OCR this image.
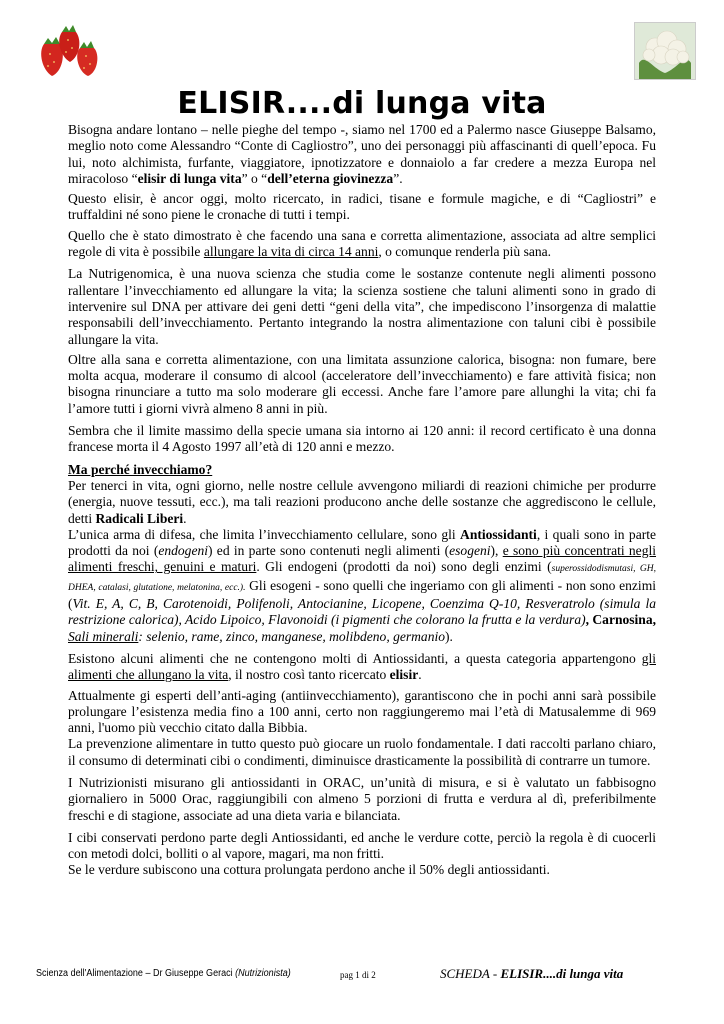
ELISIR....di lunga vita

Bisogna andare lontano – nelle pieghe del tempo -, siamo nel 1700 ed a Palermo nasce Giuseppe Balsamo, meglio noto come Alessandro “Conte di Cagliostro”, uno dei personaggi più affascinanti di quell’epoca. Fu lui, noto alchimista, furfante, viaggiatore, ipnotizzatore e donnaiolo a far credere a mezza Europa nel miracoloso “elisir di lunga vita” o “dell’eterna giovinezza”.

Questo elisir, è ancor oggi, molto ricercato, in radici, tisane e formule magiche, e di “Cagliostri” e truffaldini né sono piene le cronache di tutti i tempi.

Quello che è stato dimostrato è che facendo una sana e corretta alimentazione, associata ad altre semplici regole di vita è possibile allungare la vita di circa 14 anni, o comunque renderla più sana.

La Nutrigenomica, è una nuova scienza che studia come le sostanze contenute negli alimenti possono rallentare l’invecchiamento ed allungare la vita; la scienza sostiene che taluni alimenti sono in grado di intervenire sul DNA per attivare dei geni detti “geni della vita”, che impediscono l’insorgenza di malattie responsabili dell’invecchiamento. Pertanto integrando la nostra alimentazione con taluni cibi è possibile allungare la vita.

Oltre alla sana e corretta alimentazione, con una limitata assunzione calorica, bisogna: non fumare, bere molta acqua, moderare il consumo di alcool (acceleratore dell’invecchiamento) e fare attività fisica; non bisogna rinunciare a tutto ma solo moderare gli eccessi. Anche fare l’amore pare allunghi la vita; chi fa l’amore tutti i giorni vivrà almeno 8 anni in più.

Sembra che il limite massimo della specie umana sia intorno ai 120 anni: il record certificato è una donna francese morta il 4 Agosto 1997 all’età di 120 anni e mezzo.

Ma perché invecchiamo?

Per tenerci in vita, ogni giorno, nelle nostre cellule avvengono miliardi di reazioni chimiche per produrre (energia, nuove tessuti, ecc.), ma tali reazioni producono anche delle sostanze che aggrediscono le cellule, detti Radicali Liberi.

L’unica arma di difesa, che limita l’invecchiamento cellulare, sono gli Antiossidanti, i quali sono in parte prodotti da noi (endogeni) ed in parte sono contenuti negli alimenti (esogeni), e sono più concentrati negli alimenti freschi, genuini e maturi. Gli endogeni (prodotti da noi) sono degli enzimi (superossidodismutasi, GH, DHEA, catalasi, glutatione, melatonina, ecc.). Gli esogeni - sono quelli che ingeriamo con gli alimenti - non sono enzimi (Vit. E, A, C, B, Carotenoidi, Polifenoli, Antocianine, Licopene, Coenzima Q-10, Resveratrolo (simula la restrizione calorica), Acido Lipoico, Flavonoidi (i pigmenti che colorano la frutta e la verdura), Carnosina, Sali minerali: selenio, rame, zinco, manganese, molibdeno, germanio).

Esistono alcuni alimenti che ne contengono molti di Antiossidanti, a questa categoria appartengono gli alimenti che allungano la vita, il nostro così tanto ricercato elisir.

Attualmente gi esperti dell’anti-aging (antiinvecchiamento), garantiscono che in pochi anni sarà possibile prolungare l’esistenza media fino a 100 anni, certo non raggiungeremo mai l’età di Matusalemme di 969 anni, l'uomo più vecchio citato dalla Bibbia.

La prevenzione alimentare in tutto questo può giocare un ruolo fondamentale. I dati raccolti parlano chiaro, il consumo di determinati cibi o condimenti, diminuisce drasticamente la possibilità di contrarre un tumore.

I Nutrizionisti misurano gli antiossidanti in ORAC, un’unità di misura, e si è valutato un fabbisogno giornaliero in 5000 Orac, raggiungibili con almeno 5 porzioni di frutta e verdura al dì, preferibilmente freschi e di stagione, associate ad una dieta varia e bilanciata.

I cibi conservati perdono parte degli Antiossidanti, ed anche le verdure cotte, perciò la regola è di cuocerli con metodi dolci, bolliti o al vapore, magari, ma non fritti.

Se le verdure subiscono una cottura prolungata perdono anche il 50% degli antiossidanti.

Scienza dell'Alimentazione – Dr Giuseppe Geraci (Nutrizionista)	pag 1 di 2	SCHEDA - ELISIR....di lunga vita
